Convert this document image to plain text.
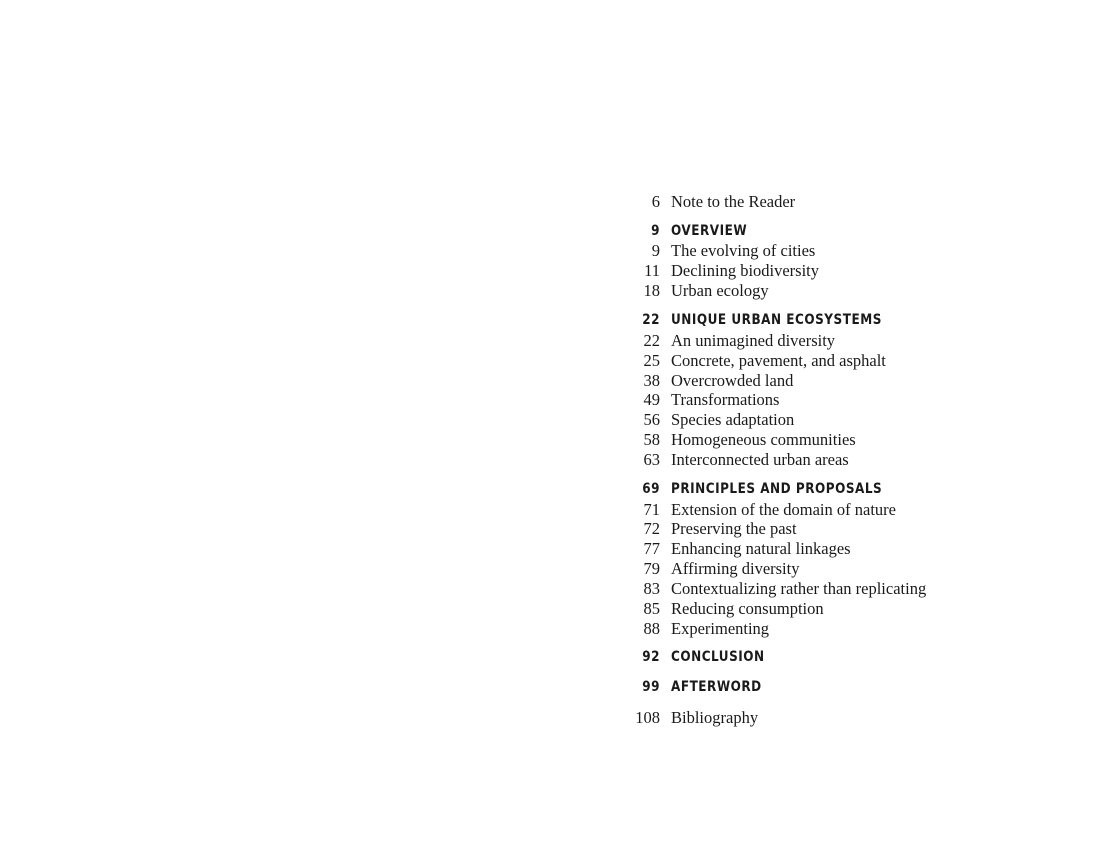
6 Note to the Reader
9 OVERVIEW
9 The evolving of cities
11 Declining biodiversity
18 Urban ecology
22 UNIQUE URBAN ECOSYSTEMS
22 An unimagined diversity
25 Concrete, pavement, and asphalt
38 Overcrowded land
49 Transformations
56 Species adaptation
58 Homogeneous communities
63 Interconnected urban areas
69 PRINCIPLES AND PROPOSALS
71 Extension of the domain of nature
72 Preserving the past
77 Enhancing natural linkages
79 Affirming diversity
83 Contextualizing rather than replicating
85 Reducing consumption
88 Experimenting
92 CONCLUSION
99 AFTERWORD
108 Bibliography
